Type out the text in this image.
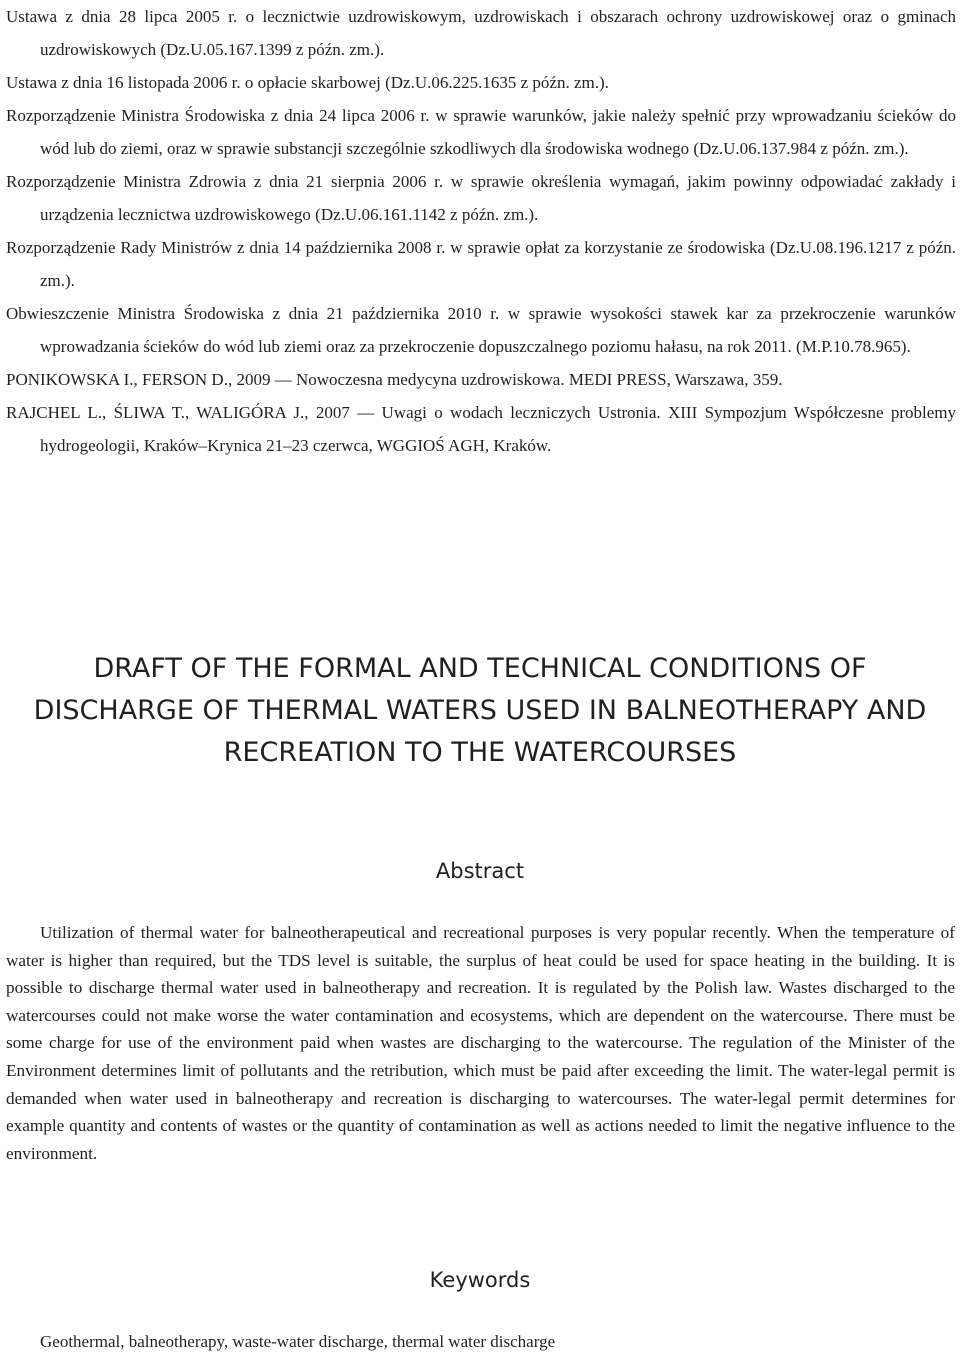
Ustawa z dnia 28 lipca 2005 r. o lecznictwie uzdrowiskowym, uzdrowiskach i obszarach ochrony uzdrowiskowej oraz o gminach uzdrowiskowych (Dz.U.05.167.1399 z późn. zm.).

Ustawa z dnia 16 listopada 2006 r. o opłacie skarbowej (Dz.U.06.225.1635 z późn. zm.).

Rozporządzenie Ministra Środowiska z dnia 24 lipca 2006 r. w sprawie warunków, jakie należy spełnić przy wprowadzaniu ścieków do wód lub do ziemi, oraz w sprawie substancji szczególnie szkodliwych dla środowiska wodnego (Dz.U.06.137.984 z późn. zm.).

Rozporządzenie Ministra Zdrowia z dnia 21 sierpnia 2006 r. w sprawie określenia wymagań, jakim powinny odpowiadać zakłady i urządzenia lecznictwa uzdrowiskowego (Dz.U.06.161.1142 z późn. zm.).

Rozporządzenie Rady Ministrów z dnia 14 października 2008 r. w sprawie opłat za korzystanie ze środowiska (Dz.U.08.196.1217 z późn. zm.).

Obwieszczenie Ministra Środowiska z dnia 21 października 2010 r. w sprawie wysokości stawek kar za przekroczenie warunków wprowadzania ścieków do wód lub ziemi oraz za przekroczenie dopuszczalnego poziomu hałasu, na rok 2011. (M.P.10.78.965).

PONIKOWSKA I., FERSON D., 2009 — Nowoczesna medycyna uzdrowiskowa. MEDI PRESS, Warszawa, 359.

RAJCHEL L., ŚLIWA T., WALIGÓRA J., 2007 — Uwagi o wodach leczniczych Ustronia. XIII Sympozjum Współczesne problemy hydrogeologii, Kraków–Krynica 21–23 czerwca, WGGIOŚ AGH, Kraków.

DRAFT OF THE FORMAL AND TECHNICAL CONDITIONS OF
DISCHARGE OF THERMAL WATERS USED IN BALNEOTHERAPY AND
RECREATION TO THE WATERCOURSES
Abstract

Utilization of thermal water for balneotherapeutical and recreational purposes is very popular recently. When the temperature of water is higher than required, but the TDS level is suitable, the surplus of heat could be used for space heating in the building. It is possible to discharge thermal water used in balneotherapy and recreation. It is regulated by the Polish law. Wastes discharged to the watercourses could not make worse the water contamination and ecosystems, which are dependent on the watercourse. There must be some charge for use of the environment paid when wastes are discharging to the watercourse. The regulation of the Minister of the Environment determines limit of pollutants and the retribution, which must be paid after exceeding the limit. The water-legal permit is demanded when water used in balneotherapy and recreation is discharging to watercourses. The water-legal permit determines for example quantity and contents of wastes or the quantity of contamination as well as actions needed to limit the negative influence to the environment.

Keywords

Geothermal, balneotherapy, waste-water discharge, thermal water discharge
